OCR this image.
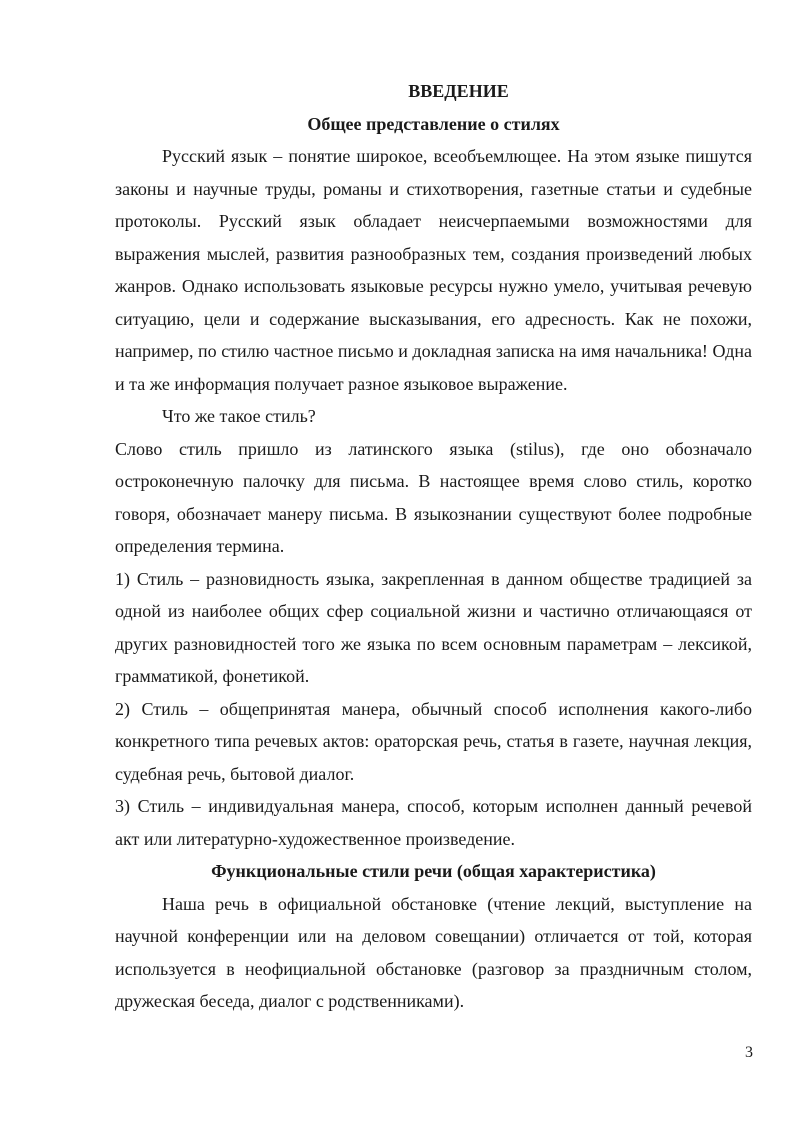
ВВЕДЕНИЕ

Общее представление о стилях

Русский язык – понятие широкое, всеобъемлющее. На этом языке пишутся законы и научные труды, романы и стихотворения, газетные статьи и судебные протоколы. Русский язык обладает неисчерпаемыми возможностями для выражения мыслей, развития разнообразных тем, создания произведений любых жанров. Однако использовать языковые ресурсы нужно умело, учитывая речевую ситуацию, цели и содержание высказывания, его адресность. Как не похожи, например, по стилю частное письмо и докладная записка на имя начальника! Одна и та же информация получает разное языковое выражение.

Что же такое стиль?

Слово стиль пришло из латинского языка (stilus), где оно обозначало остроконечную палочку для письма. В настоящее время слово стиль, коротко говоря, обозначает манеру письма. В языкознании существуют более подробные определения термина.

1) Стиль – разновидность языка, закрепленная в данном обществе традицией за одной из наиболее общих сфер социальной жизни и частично отличающаяся от других разновидностей того же языка по всем основным параметрам – лексикой, грамматикой, фонетикой.

2) Стиль – общепринятая манера, обычный способ исполнения какого-либо конкретного типа речевых актов: ораторская речь, статья в газете, научная лекция, судебная речь, бытовой диалог.

3) Стиль – индивидуальная манера, способ, которым исполнен данный речевой акт или литературно-художественное произведение.

Функциональные стили речи (общая характеристика)

Наша речь в официальной обстановке (чтение лекций, выступление на научной конференции или на деловом совещании) отличается от той, которая используется в неофициальной обстановке (разговор за праздничным столом, дружеская беседа, диалог с родственниками).

3
